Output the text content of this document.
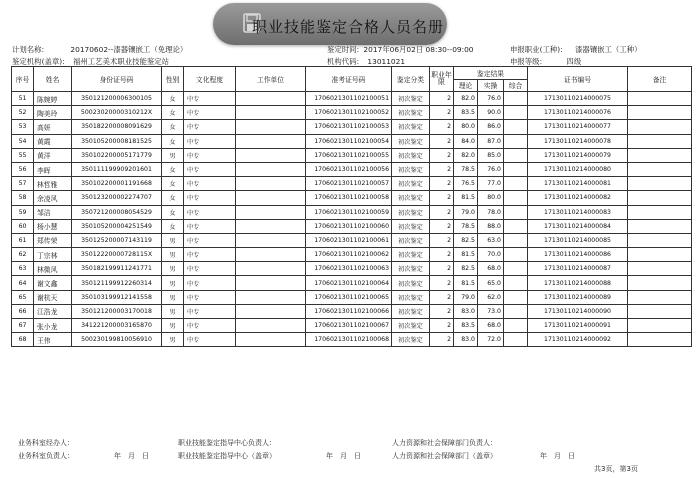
职业技能鉴定合格人员名册
计划名称:	20170602--漆器镶嵌工（免理论）
鉴定机构(盖章): 福州工艺美术职业技能鉴定站
鉴定时间: 2017年06月02日 08:30--09:00
机构代码: 13011021
申报职业(工种): 漆器镶嵌工（工种）
申报等级:	四级
序号	姓名	身份证号码	性别	文化程度	工作单位	准考证号码	鉴定分类	职业年限	鉴定结果			证书编号	备注
									理论	实操	综合		
51	陈婉婷	350121200006300105	女	中专		1706021301102100051	初次鉴定	2	82.0	76.0		17130110214000075	
52	陶美玲	50023020000310212X	女	中专		1706021301102100052	初次鉴定	2	83.5	90.0		17130110214000076	
53	高妍	350182200008091629	女	中专		1706021301102100053	初次鉴定	2	80.0	86.0		17130110214000077	
54	黄霞	350105200008181525	女	中专		1706021301102100054	初次鉴定	2	84.0	87.0		17130110214000078	
55	黄洋	350102200005171779	男	中专		1706021301102100055	初次鉴定	2	82.0	85.0		17130110214000079	
56	李晖	350111199909201601	女	中专		1706021301102100056	初次鉴定	2	78.5	76.0		17130110214000080	
57	林哲雅	350102200001191668	女	中专		1706021301102100057	初次鉴定	2	76.5	77.0		17130110214000081	
58	余凌风	350123200002274707	女	中专		1706021301102100058	初次鉴定	2	81.5	80.0		17130110214000082	
59	邹洁	350721200008054529	女	中专		1706021301102100059	初次鉴定	2	79.0	78.0		17130110214000083	
60	杨小慧	350105200004251549	女	中专		1706021301102100060	初次鉴定	2	78.5	88.0		17130110214000084	
61	郑传荣	350125200007143119	男	中专		1706021301102100061	初次鉴定	2	82.5	63.0		17130110214000085	
62	丁宗林	35012220000728115X	男	中专		1706021301102100062	初次鉴定	2	81.5	70.0		17130110214000086	
63	林微风	350182199911241771	男	中专		1706021301102100063	初次鉴定	2	82.5	68.0		17130110214000087	
64	谢文鑫	350121199912260314	男	中专		1706021301102100064	初次鉴定	2	81.5	65.0		17130110214000088	
65	谢杭天	350103199912141558	男	中专		1706021301102100065	初次鉴定	2	79.0	62.0		17130110214000089	
66	江浩龙	350121200003170018	男	中专		1706021301102100066	初次鉴定	2	83.0	73.0		17130110214000090	
67	张小龙	341221200003165870	男	中专		1706021301102100067	初次鉴定	2	83.5	68.0		17130110214000091	
68	王伟	500230199810056910	男	中专		1706021301102100068	初次鉴定	2	83.0	72.0		17130110214000092	
业务科室经办人：
业务科室负责人：	年　月　日
职业技能鉴定指导中心负责人：
职业技能鉴定指导中心（盖章）	年　月　日
人力资源和社会保障部门负责人：
人力资源和社会保障部门（盖章）	年　月　日
共3页，第3页
